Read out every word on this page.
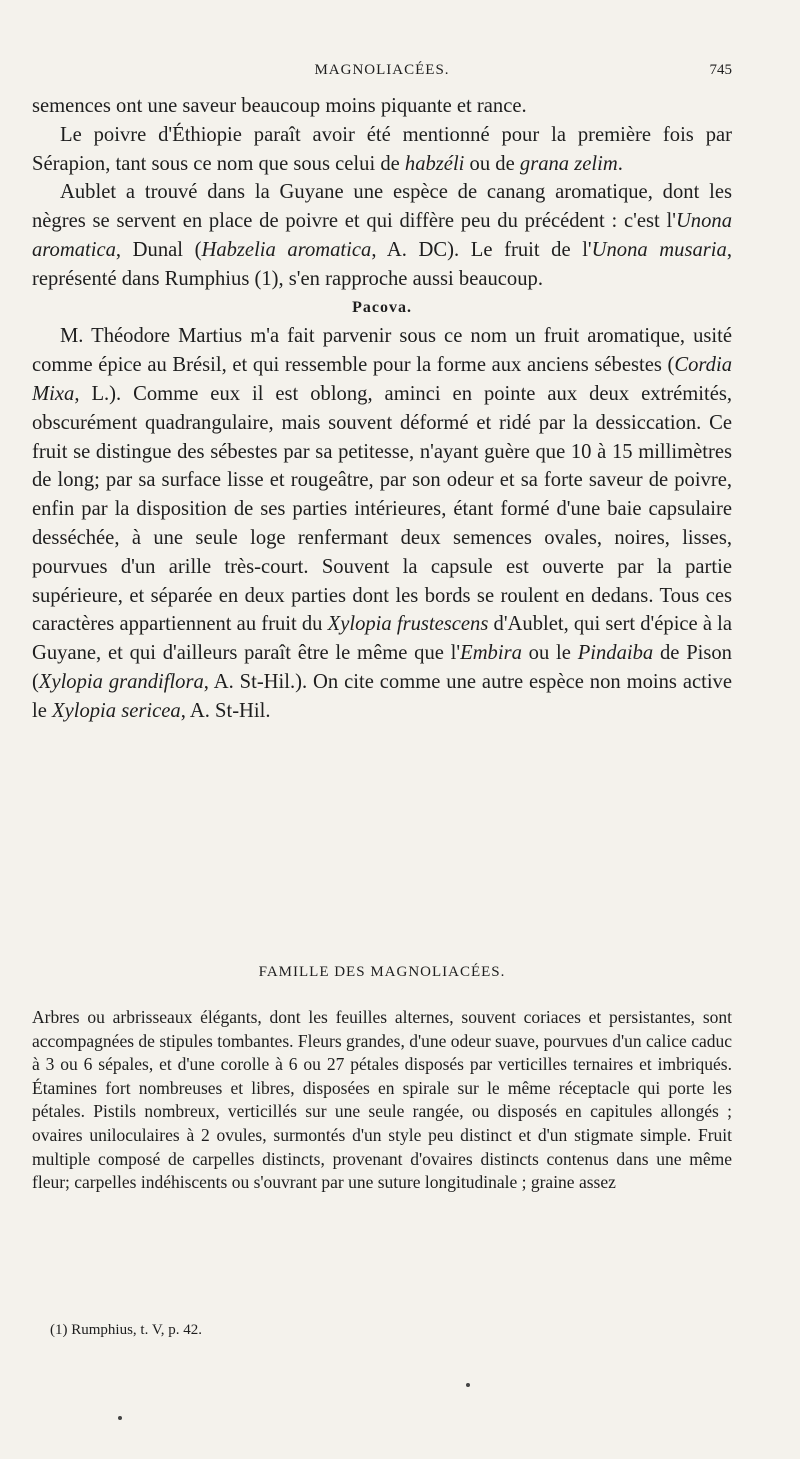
MAGNOLIACÉES.	745

semences ont une saveur beaucoup moins piquante et rance.

Le poivre d'Éthiopie paraît avoir été mentionné pour la première fois par Sérapion, tant sous ce nom que sous celui de habzéli ou de grana zelim.

Aublet a trouvé dans la Guyane une espèce de canang aromatique, dont les nègres se servent en place de poivre et qui diffère peu du précédent : c'est l'Unona aromatica, Dunal (Habzelia aromatica, A. DC). Le fruit de l'Unona musaria, représenté dans Rumphius (1), s'en rapproche aussi beaucoup.

Pacova.

M. Théodore Martius m'a fait parvenir sous ce nom un fruit aromatique, usité comme épice au Brésil, et qui ressemble pour la forme aux anciens sébestes (Cordia Mixa, L.). Comme eux il est oblong, aminci en pointe aux deux extrémités, obscurément quadrangulaire, mais souvent déformé et ridé par la dessiccation. Ce fruit se distingue des sébestes par sa petitesse, n'ayant guère que 10 à 15 millimètres de long; par sa surface lisse et rougeâtre, par son odeur et sa forte saveur de poivre, enfin par la disposition de ses parties intérieures, étant formé d'une baie capsulaire desséchée, à une seule loge renfermant deux semences ovales, noires, lisses, pourvues d'un arille très-court. Souvent la capsule est ouverte par la partie supérieure, et séparée en deux parties dont les bords se roulent en dedans. Tous ces caractères appartiennent au fruit du Xylopia frustescens d'Aublet, qui sert d'épice à la Guyane, et qui d'ailleurs paraît être le même que l'Embira ou le Pindaiba de Pison (Xylopia grandiflora, A. St-Hil.). On cite comme une autre espèce non moins active le Xylopia sericea, A. St-Hil.

FAMILLE DES MAGNOLIACÉES.

Arbres ou arbrisseaux élégants, dont les feuilles alternes, souvent coriaces et persistantes, sont accompagnées de stipules tombantes. Fleurs grandes, d'une odeur suave, pourvues d'un calice caduc à 3 ou 6 sépales, et d'une corolle à 6 ou 27 pétales disposés par verticilles ternaires et imbriqués. Étamines fort nombreuses et libres, disposées en spirale sur le même réceptacle qui porte les pétales. Pistils nombreux, verticillés sur une seule rangée, ou disposés en capitules allongés ; ovaires uniloculaires à 2 ovules, surmontés d'un style peu distinct et d'un stigmate simple. Fruit multiple composé de carpelles distincts, provenant d'ovaires distincts contenus dans une même fleur; carpelles indéhiscents ou s'ouvrant par une suture longitudinale ; graine assez

(1) Rumphius, t. V, p. 42.
